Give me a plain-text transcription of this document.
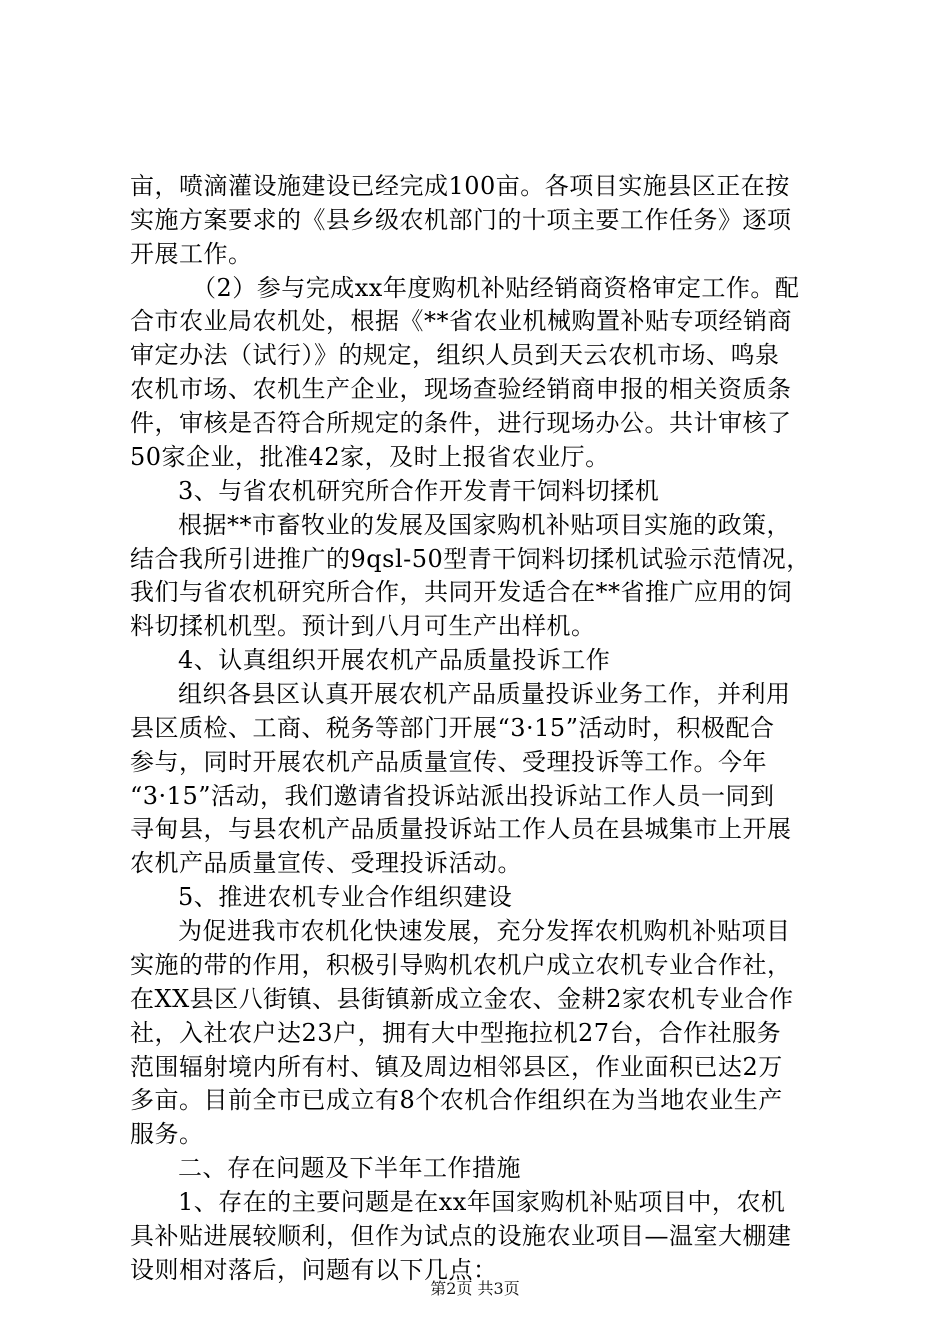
亩，喷滴灌设施建设已经完成100亩。各项目实施县区正在按
实施方案要求的《县乡级农机部门的十项主要工作任务》逐项
开展工作。
（2）参与完成xx年度购机补贴经销商资格审定工作。配
合市农业局农机处，根据《**省农业机械购置补贴专项经销商
审定办法（试行）》的规定，组织人员到天云农机市场、鸣泉
农机市场、农机生产企业，现场查验经销商申报的相关资质条
件，审核是否符合所规定的条件，进行现场办公。共计审核了
50家企业，批准42家，及时上报省农业厅。
3、与省农机研究所合作开发青干饲料切揉机
根据**市畜牧业的发展及国家购机补贴项目实施的政策，
结合我所引进推广的9qsl-50型青干饲料切揉机试验示范情况，
我们与省农机研究所合作，共同开发适合在**省推广应用的饲
料切揉机机型。预计到八月可生产出样机。
4、认真组织开展农机产品质量投诉工作
组织各县区认真开展农机产品质量投诉业务工作，并利用
县区质检、工商、税务等部门开展“3·15”活动时，积极配合
参与，同时开展农机产品质量宣传、受理投诉等工作。今年
“3·15”活动，我们邀请省投诉站派出投诉站工作人员一同到
寻甸县，与县农机产品质量投诉站工作人员在县城集市上开展
农机产品质量宣传、受理投诉活动。
5、推进农机专业合作组织建设
为促进我市农机化快速发展，充分发挥农机购机补贴项目
实施的带的作用，积极引导购机农机户成立农机专业合作社，
在XX县区八街镇、县街镇新成立金农、金耕2家农机专业合作
社，入社农户达23户，拥有大中型拖拉机27台，合作社服务
范围辐射境内所有村、镇及周边相邻县区，作业面积已达2万
多亩。目前全市已成立有8个农机合作组织在为当地农业生产
服务。
二、存在问题及下半年工作措施
1、存在的主要问题是在xx年国家购机补贴项目中，农机
具补贴进展较顺利，但作为试点的设施农业项目—温室大棚建
设则相对落后，问题有以下几点：
第2页 共3页
